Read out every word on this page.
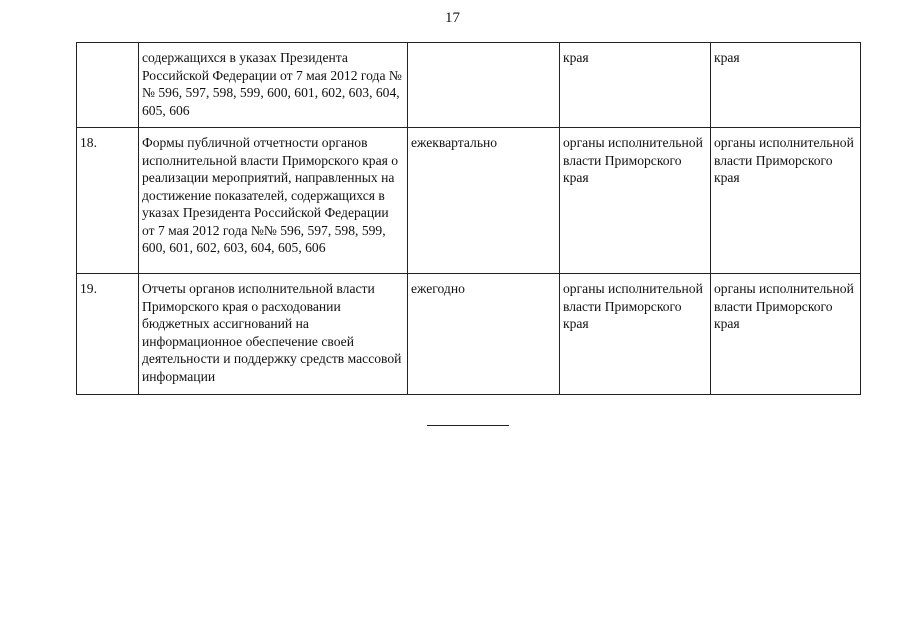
17
	содержащихся в указах Президента Российской Федерации от 7 мая 2012 года №№ 596, 597, 598, 599, 600, 601, 602, 603, 604, 605, 606		края	края
18.	Формы публичной отчетности органов исполнительной власти Приморского края о реализации мероприятий, направленных на достижение показателей, содержащихся в указах Президента Российской Федерации от 7 мая 2012 года №№ 596, 597, 598, 599, 600, 601, 602, 603, 604, 605, 606	ежеквартально	органы исполнительной власти Приморского края	органы исполнительной власти Приморского края
19.	Отчеты органов исполнительной власти Приморского края о расходовании бюджетных ассигнований на информационное обеспечение своей деятельности и поддержку средств массовой информации	ежегодно	органы исполнительной власти Приморского края	органы исполнительной власти Приморского края
